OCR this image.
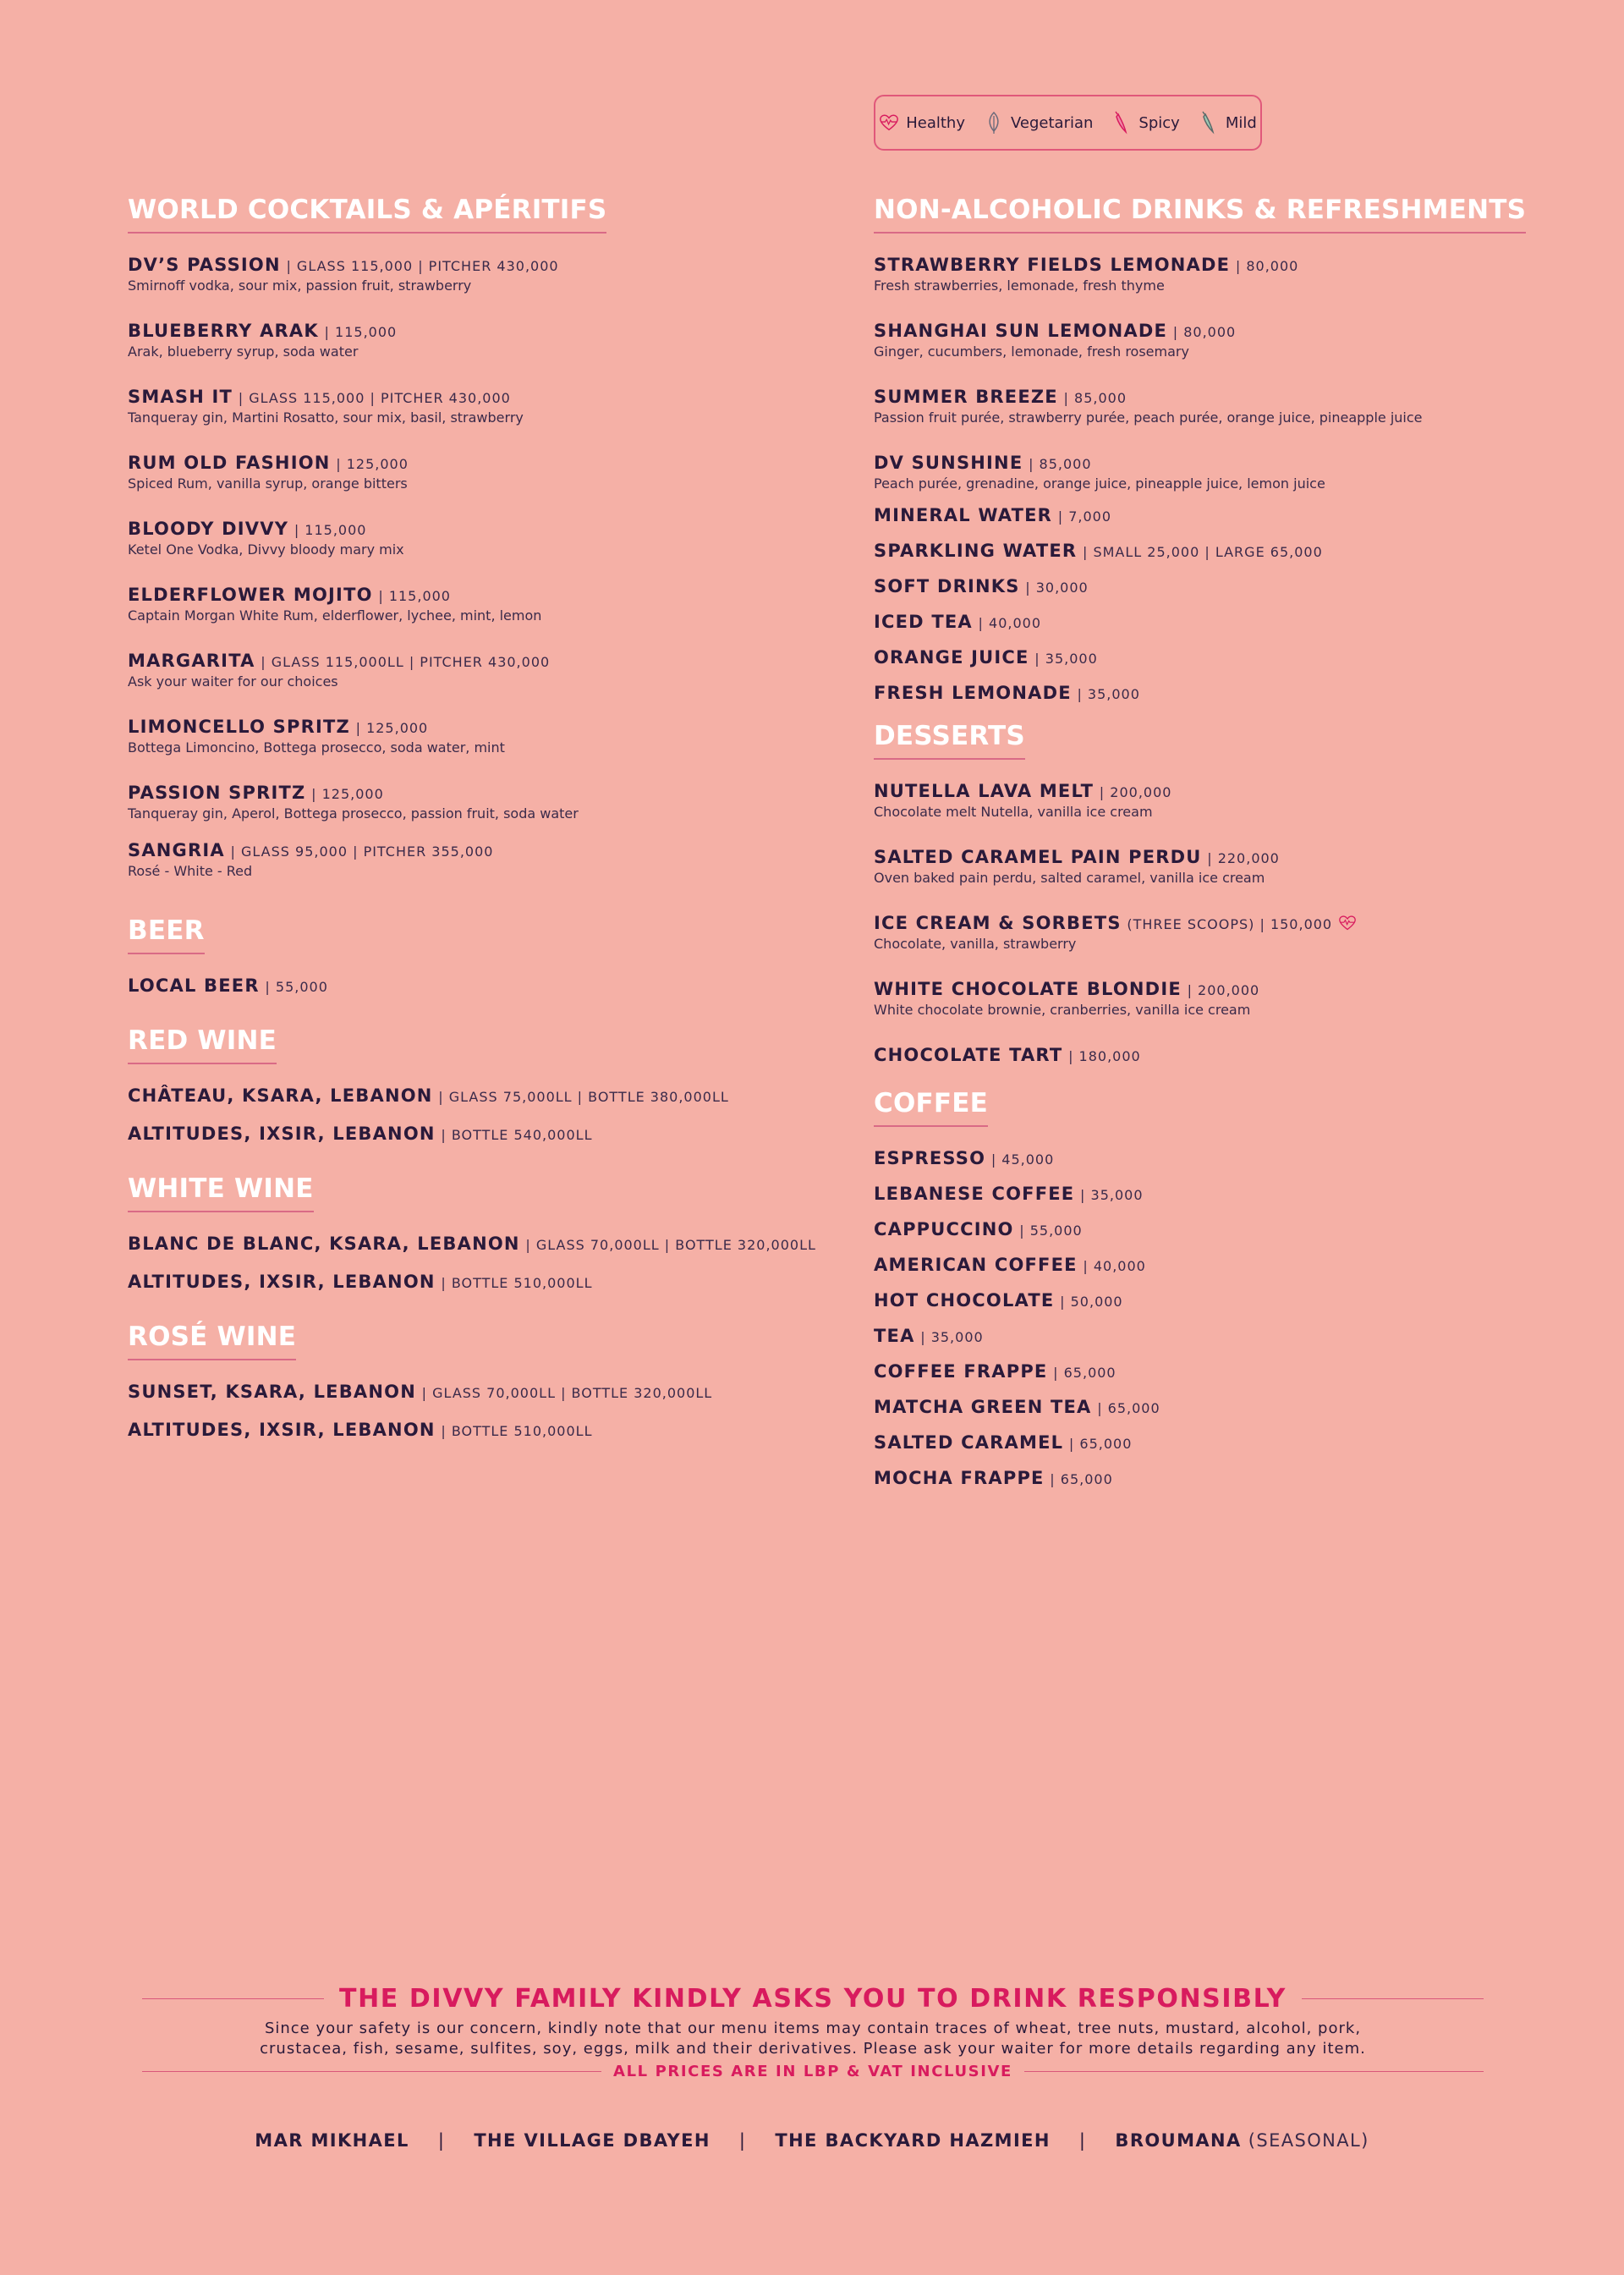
Healthy	Vegetarian	Spicy	Mild
WORLD COCKTAILS & APÉRITIFS
DV’S PASSION | GLASS 115,000 | PITCHER 430,000
Smirnoff vodka, sour mix, passion fruit, strawberry
BLUEBERRY ARAK | 115,000
Arak, blueberry syrup, soda water
SMASH IT | GLASS 115,000 | PITCHER 430,000
Tanqueray gin, Martini Rosatto, sour mix, basil, strawberry
RUM OLD FASHION | 125,000
Spiced Rum, vanilla syrup, orange bitters
BLOODY DIVVY | 115,000
Ketel One Vodka, Divvy bloody mary mix
ELDERFLOWER MOJITO | 115,000
Captain Morgan White Rum, elderflower, lychee, mint, lemon
MARGARITA | GLASS 115,000LL | PITCHER 430,000
Ask your waiter for our choices
LIMONCELLO SPRITZ | 125,000
Bottega Limoncino, Bottega prosecco, soda water, mint
PASSION SPRITZ | 125,000
Tanqueray gin, Aperol, Bottega prosecco, passion fruit, soda water
SANGRIA | GLASS 95,000 | PITCHER 355,000
Rosé - White - Red
BEER
LOCAL BEER | 55,000
RED WINE
CHÂTEAU, KSARA, LEBANON | GLASS 75,000LL | BOTTLE 380,000LL
ALTITUDES, IXSIR, LEBANON | BOTTLE 540,000LL
WHITE WINE
BLANC DE BLANC, KSARA, LEBANON | GLASS 70,000LL | BOTTLE 320,000LL
ALTITUDES, IXSIR, LEBANON | BOTTLE 510,000LL
ROSÉ WINE
SUNSET, KSARA, LEBANON | GLASS 70,000LL | BOTTLE 320,000LL
ALTITUDES, IXSIR, LEBANON | BOTTLE 510,000LL
NON-ALCOHOLIC DRINKS & REFRESHMENTS
STRAWBERRY FIELDS LEMONADE | 80,000
Fresh strawberries, lemonade, fresh thyme
SHANGHAI SUN LEMONADE | 80,000
Ginger, cucumbers, lemonade, fresh rosemary
SUMMER BREEZE | 85,000
Passion fruit purée, strawberry purée, peach purée, orange juice, pineapple juice
DV SUNSHINE | 85,000
Peach purée, grenadine, orange juice, pineapple juice, lemon juice
MINERAL WATER | 7,000
SPARKLING WATER | SMALL 25,000 | LARGE 65,000
SOFT DRINKS | 30,000
ICED TEA | 40,000
ORANGE JUICE | 35,000
FRESH LEMONADE | 35,000
DESSERTS
NUTELLA LAVA MELT | 200,000
Chocolate melt Nutella, vanilla ice cream
SALTED CARAMEL PAIN PERDU | 220,000
Oven baked pain perdu, salted caramel, vanilla ice cream
ICE CREAM & SORBETS (THREE SCOOPS) | 150,000
Chocolate, vanilla, strawberry
WHITE CHOCOLATE BLONDIE | 200,000
White chocolate brownie, cranberries, vanilla ice cream
CHOCOLATE TART | 180,000
COFFEE
ESPRESSO | 45,000
LEBANESE COFFEE | 35,000
CAPPUCCINO | 55,000
AMERICAN COFFEE | 40,000
HOT CHOCOLATE | 50,000
TEA | 35,000
COFFEE FRAPPE | 65,000
MATCHA GREEN TEA | 65,000
SALTED CARAMEL | 65,000
MOCHA FRAPPE | 65,000
THE DIVVY FAMILY KINDLY ASKS YOU TO DRINK RESPONSIBLY
Since your safety is our concern, kindly note that our menu items may contain traces of wheat, tree nuts, mustard, alcohol, pork,
crustacea, fish, sesame, sulfites, soy, eggs, milk and their derivatives. Please ask your waiter for more details regarding any item.
ALL PRICES ARE IN LBP & VAT INCLUSIVE
MAR MIKHAEL | THE VILLAGE DBAYEH | THE BACKYARD HAZMIEH | BROUMANA (SEASONAL)
